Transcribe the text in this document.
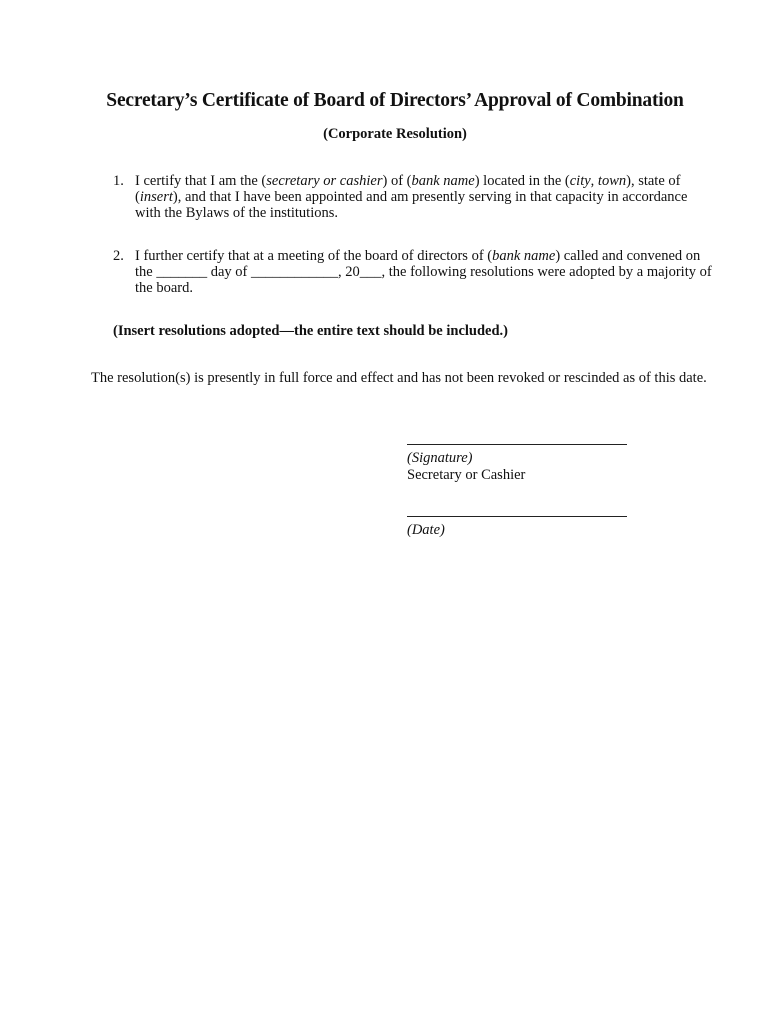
Secretary’s Certificate of Board of Directors’ Approval of Combination
(Corporate Resolution)
1. I certify that I am the (secretary or cashier) of (bank name) located in the (city, town), state of (insert), and that I have been appointed and am presently serving in that capacity in accordance with the Bylaws of the institutions.
2. I further certify that at a meeting of the board of directors of (bank name) called and convened on the _______ day of ____________, 20___, the following resolutions were adopted by a majority of the board.
(Insert resolutions adopted—the entire text should be included.)
The resolution(s) is presently in full force and effect and has not been revoked or rescinded as of this date.
(Signature)
Secretary or Cashier
(Date)
